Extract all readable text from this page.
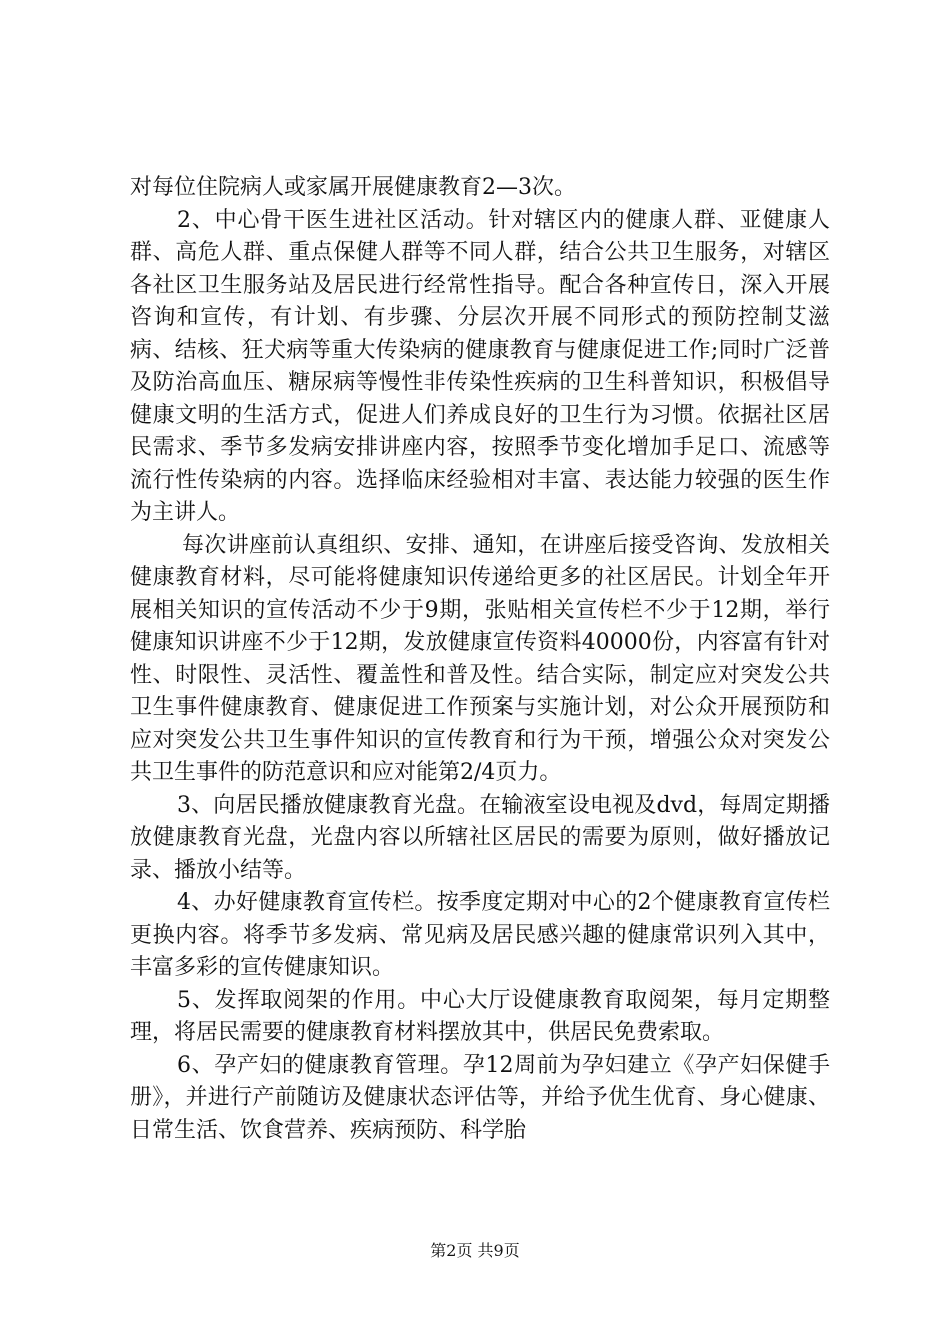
对每位住院病人或家属开展健康教育2—3次。

2、中心骨干医生进社区活动。针对辖区内的健康人群、亚健康人群、高危人群、重点保健人群等不同人群，结合公共卫生服务，对辖区各社区卫生服务站及居民进行经常性指导。配合各种宣传日，深入开展咨询和宣传，有计划、有步骤、分层次开展不同形式的预防控制艾滋病、结核、狂犬病等重大传染病的健康教育与健康促进工作;同时广泛普及防治高血压、糖尿病等慢性非传染性疾病的卫生科普知识，积极倡导健康文明的生活方式，促进人们养成良好的卫生行为习惯。依据社区居民需求、季节多发病安排讲座内容，按照季节变化增加手足口、流感等流行性传染病的内容。选择临床经验相对丰富、表达能力较强的医生作为主讲人。

每次讲座前认真组织、安排、通知，在讲座后接受咨询、发放相关健康教育材料，尽可能将健康知识传递给更多的社区居民。计划全年开展相关知识的宣传活动不少于9期，张贴相关宣传栏不少于12期，举行健康知识讲座不少于12期，发放健康宣传资料40000份，内容富有针对性、时限性、灵活性、覆盖性和普及性。结合实际，制定应对突发公共卫生事件健康教育、健康促进工作预案与实施计划，对公众开展预防和应对突发公共卫生事件知识的宣传教育和行为干预，增强公众对突发公共卫生事件的防范意识和应对能第2/4页力。

3、向居民播放健康教育光盘。在输液室设电视及dvd，每周定期播放健康教育光盘，光盘内容以所辖社区居民的需要为原则，做好播放记录、播放小结等。

4、办好健康教育宣传栏。按季度定期对中心的2个健康教育宣传栏更换内容。将季节多发病、常见病及居民感兴趣的健康常识列入其中，丰富多彩的宣传健康知识。

5、发挥取阅架的作用。中心大厅设健康教育取阅架，每月定期整理，将居民需要的健康教育材料摆放其中，供居民免费索取。

6、孕产妇的健康教育管理。孕12周前为孕妇建立《孕产妇保健手册》，并进行产前随访及健康状态评估等，并给予优生优育、身心健康、日常生活、饮食营养、疾病预防、科学胎

第2页 共9页
